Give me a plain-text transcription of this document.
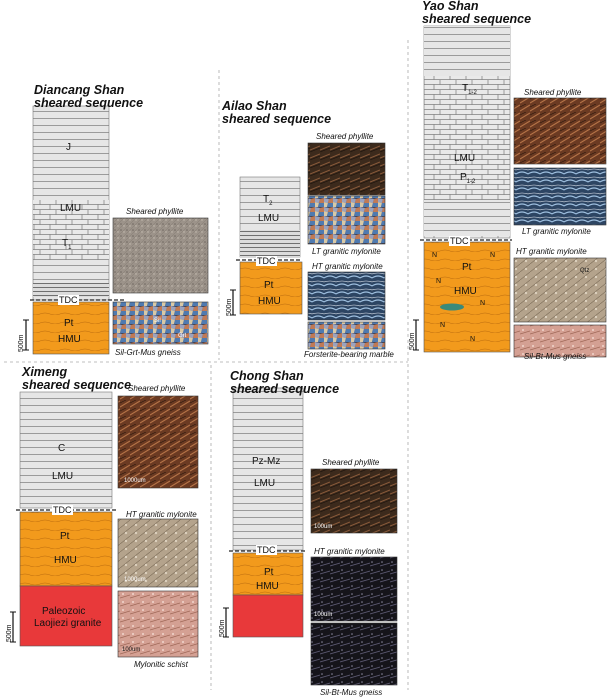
Diancang Shan
sheared sequence
J
LMU
$T_1$
TDC
Pt
HMU
500m
Sheared phyllite
Sil-Grt-Mus gneiss
Sil
Grt
Ailao Shan
sheared sequence
$T_2$
LMU
TDC
Pt
HMU
500m
Sheared phyllite
LT granitic mylonite
HT granitic mylonite
Forsterite-bearing marble
Yao Shan
sheared sequence
$T_{1-2}$
LMU
$P_{1-2}$
TDC
Pt
HMU
N	N
N
N
N
N
500m
Sheared phyllite
LT granitic mylonite
HT granitic mylonite
Qtz
Sil-Bt-Mus gneiss
Ximeng
sheared sequence
C
LMU
TDC
Pt
HMU
Paleozoic
Laojiezi granite
500m
Sheared phyllite
1000um
HT granitic mylonite
1000um
100um
Mylonitic schist
Chong Shan
sheared sequence
Pz-Mz
LMU
TDC
Pt
HMU
500m
Sheared phyllite
100um
HT granitic mylonite
100um
Sil-Bt-Mus gneiss
